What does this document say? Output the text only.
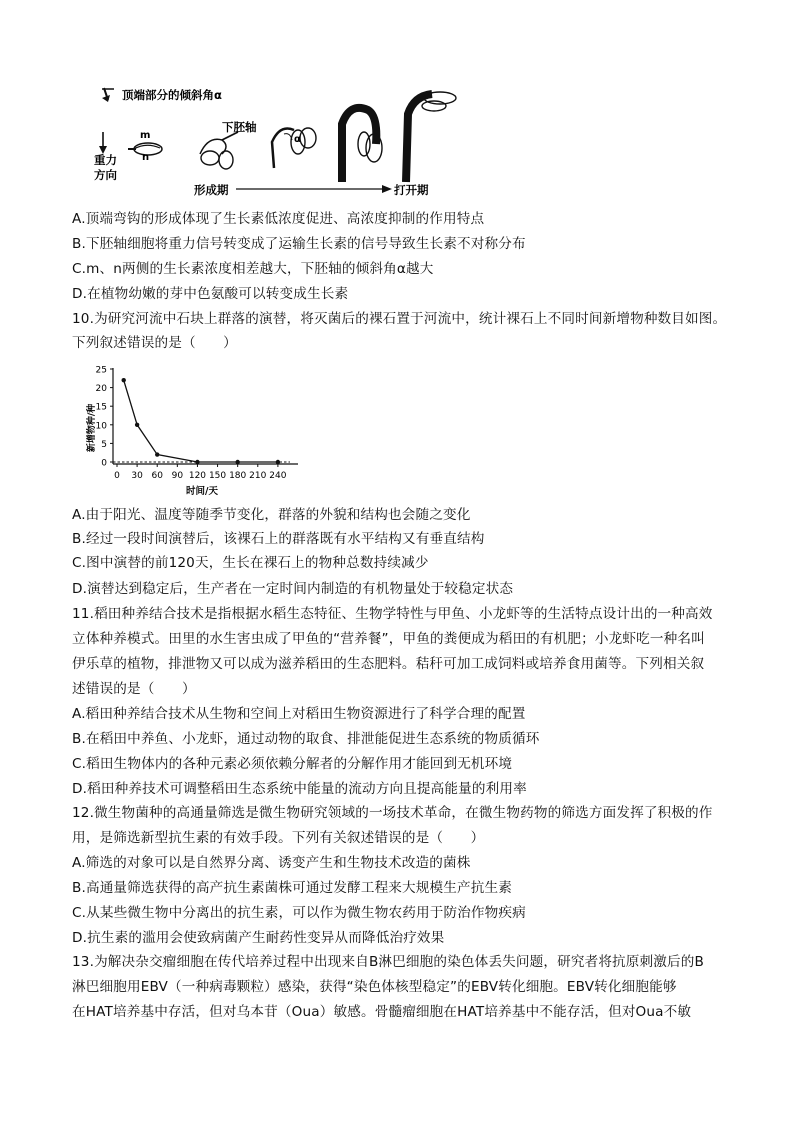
顶端部分的倾斜角α
重力
方向
m
n
下胚轴
α
形成期	打开期
A.顶端弯钩的形成体现了生长素低浓度促进、高浓度抑制的作用特点
B.下胚轴细胞将重力信号转变成了运输生长素的信号导致生长素不对称分布
C.m、n两侧的生长素浓度相差越大，下胚轴的倾斜角α越大
D.在植物幼嫩的芽中色氨酸可以转变成生长素
10.为研究河流中石块上群落的演替，将灭菌后的裸石置于河流中，统计裸石上不同时间新增物种数目如图。
下列叙述错误的是（　　）
新增物种/种
0
5
10
15
20
25
0 30 60 90 120 150 180 210 240
时间/天
A.由于阳光、温度等随季节变化，群落的外貌和结构也会随之变化
B.经过一段时间演替后，该裸石上的群落既有水平结构又有垂直结构
C.图中演替的前120天，生长在裸石上的物种总数持续减少
D.演替达到稳定后，生产者在一定时间内制造的有机物量处于较稳定状态
11.稻田种养结合技术是指根据水稻生态特征、生物学特性与甲鱼、小龙虾等的生活特点设计出的一种高效
立体种养模式。田里的水生害虫成了甲鱼的“营养餐”，甲鱼的粪便成为稻田的有机肥；小龙虾吃一种名叫
伊乐草的植物，排泄物又可以成为滋养稻田的生态肥料。秸秆可加工成饲料或培养食用菌等。下列相关叙
述错误的是（　　）
A.稻田种养结合技术从生物和空间上对稻田生物资源进行了科学合理的配置
B.在稻田中养鱼、小龙虾，通过动物的取食、排泄能促进生态系统的物质循环
C.稻田生物体内的各种元素必须依赖分解者的分解作用才能回到无机环境
D.稻田种养技术可调整稻田生态系统中能量的流动方向且提高能量的利用率
12.微生物菌种的高通量筛选是微生物研究领域的一场技术革命，在微生物药物的筛选方面发挥了积极的作
用，是筛选新型抗生素的有效手段。下列有关叙述错误的是（　　）
A.筛选的对象可以是自然界分离、诱变产生和生物技术改造的菌株
B.高通量筛选获得的高产抗生素菌株可通过发酵工程来大规模生产抗生素
C.从某些微生物中分离出的抗生素，可以作为微生物农药用于防治作物疾病
D.抗生素的滥用会使致病菌产生耐药性变异从而降低治疗效果
13.为解决杂交瘤细胞在传代培养过程中出现来自B淋巴细胞的染色体丢失问题，研究者将抗原刺激后的B
淋巴细胞用EBV（一种病毒颗粒）感染，获得“染色体核型稳定”的EBV转化细胞。EBV转化细胞能够
在HAT培养基中存活，但对乌本苷（Oua）敏感。骨髓瘤细胞在HAT培养基中不能存活，但对Oua不敏
